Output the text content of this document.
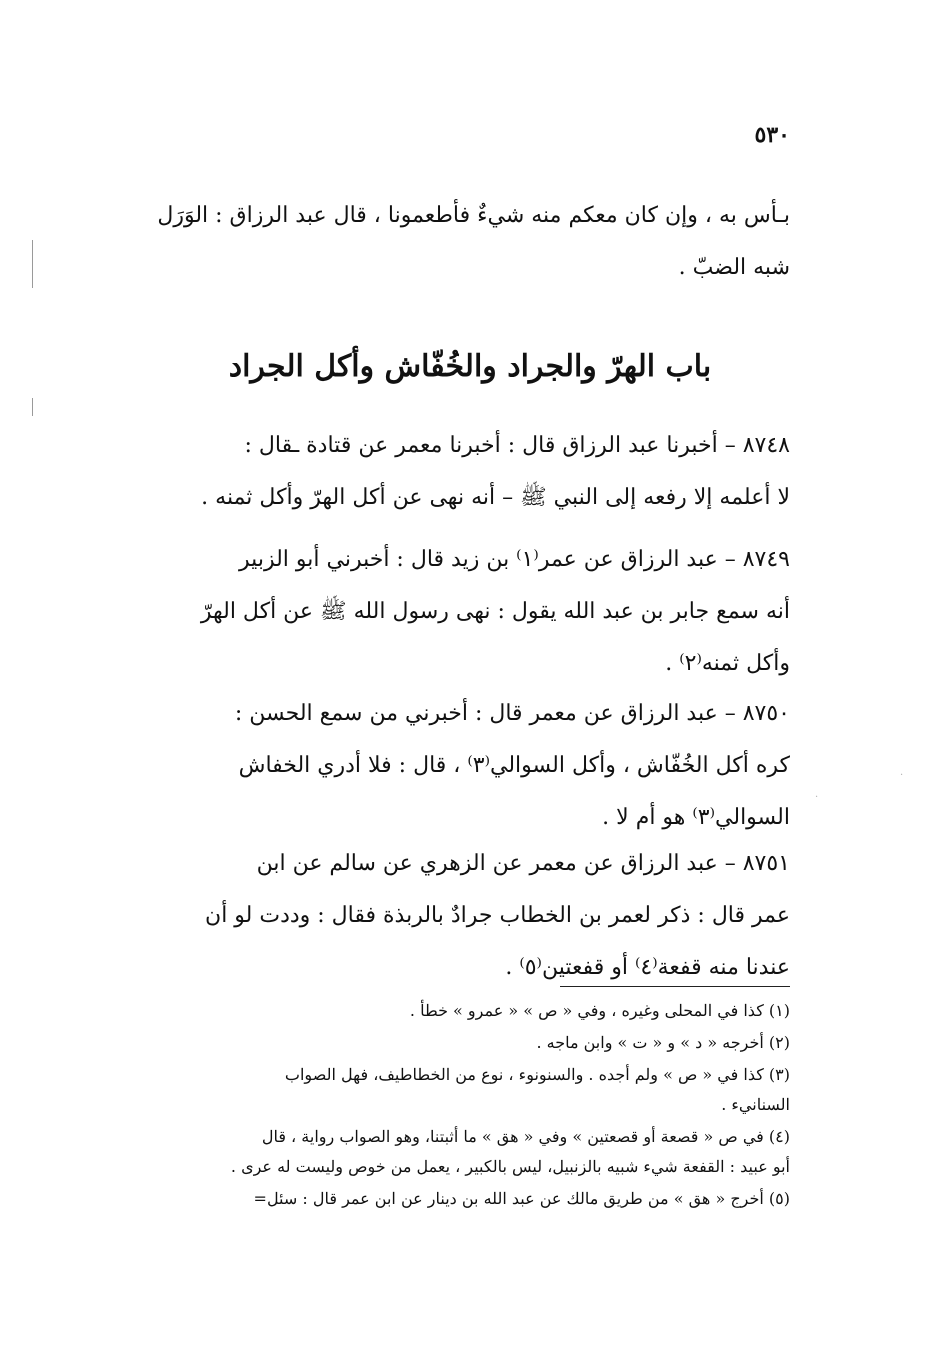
·
·
٥٣٠
بـأس به ، وإن كان معكم منه شيءٌ فأطعمونا ، قال عبد الرزاق : الوَرَل
شبه الضبّ .
باب الهرّ والجراد والخُفّاش وأكل الجراد
٨٧٤٨ – أخبرنا عبد الرزاق قال : أخبرنا معمر عن قتادة ـقال :
لا أعلمه إلا رفعه إلى النبي ﷺ – أنه نهى عن أكل الهرّ وأكل ثمنه .
٨٧٤٩ – عبد الرزاق عن عمر⁽١⁾ بن زيد قال : أخبرني أبو الزبير
أنه سمع جابر بن عبد الله يقول : نهى رسول الله ﷺ عن أكل الهرّ
وأكل ثمنه⁽٢⁾ .
٨٧٥٠ – عبد الرزاق عن معمر قال : أخبرني من سمع الحسن :
كره أكل الخُفّاش ، وأكل السوالي⁽٣⁾ ، قال : فلا أدري الخفاش
السوالي⁽٣⁾ هو أم لا .
٨٧٥١ – عبد الرزاق عن معمر عن الزهري عن سالم عن ابن
عمر قال : ذكر لعمر بن الخطاب جرادٌ بالربذة فقال : وددت لو أن
عندنا منه قفعة⁽٤⁾ أو قفعتين⁽٥⁾ .
(١) كذا في المحلى وغيره ، وفي « ص » « عمرو » خطأ .
(٢) أخرجه « د » و « ت » وابن ماجه .
(٣) كذا في « ص » ولم أجده . والسنونوء ، نوع من الخطاطيف، فهل الصواب
السنانيء .
(٤) في ص « قصعة أو قصعتين » وفي « هق » ما أثبتنا، وهو الصواب رواية ، قال
أبو عبيد : القفعة شيء شبيه بالزنبيل، ليس بالكبير ، يعمل من خوص وليست له عرى .
(٥) أخرج « هق » من طريق مالك عن عبد الله بن دينار عن ابن عمر قال : سئل=
